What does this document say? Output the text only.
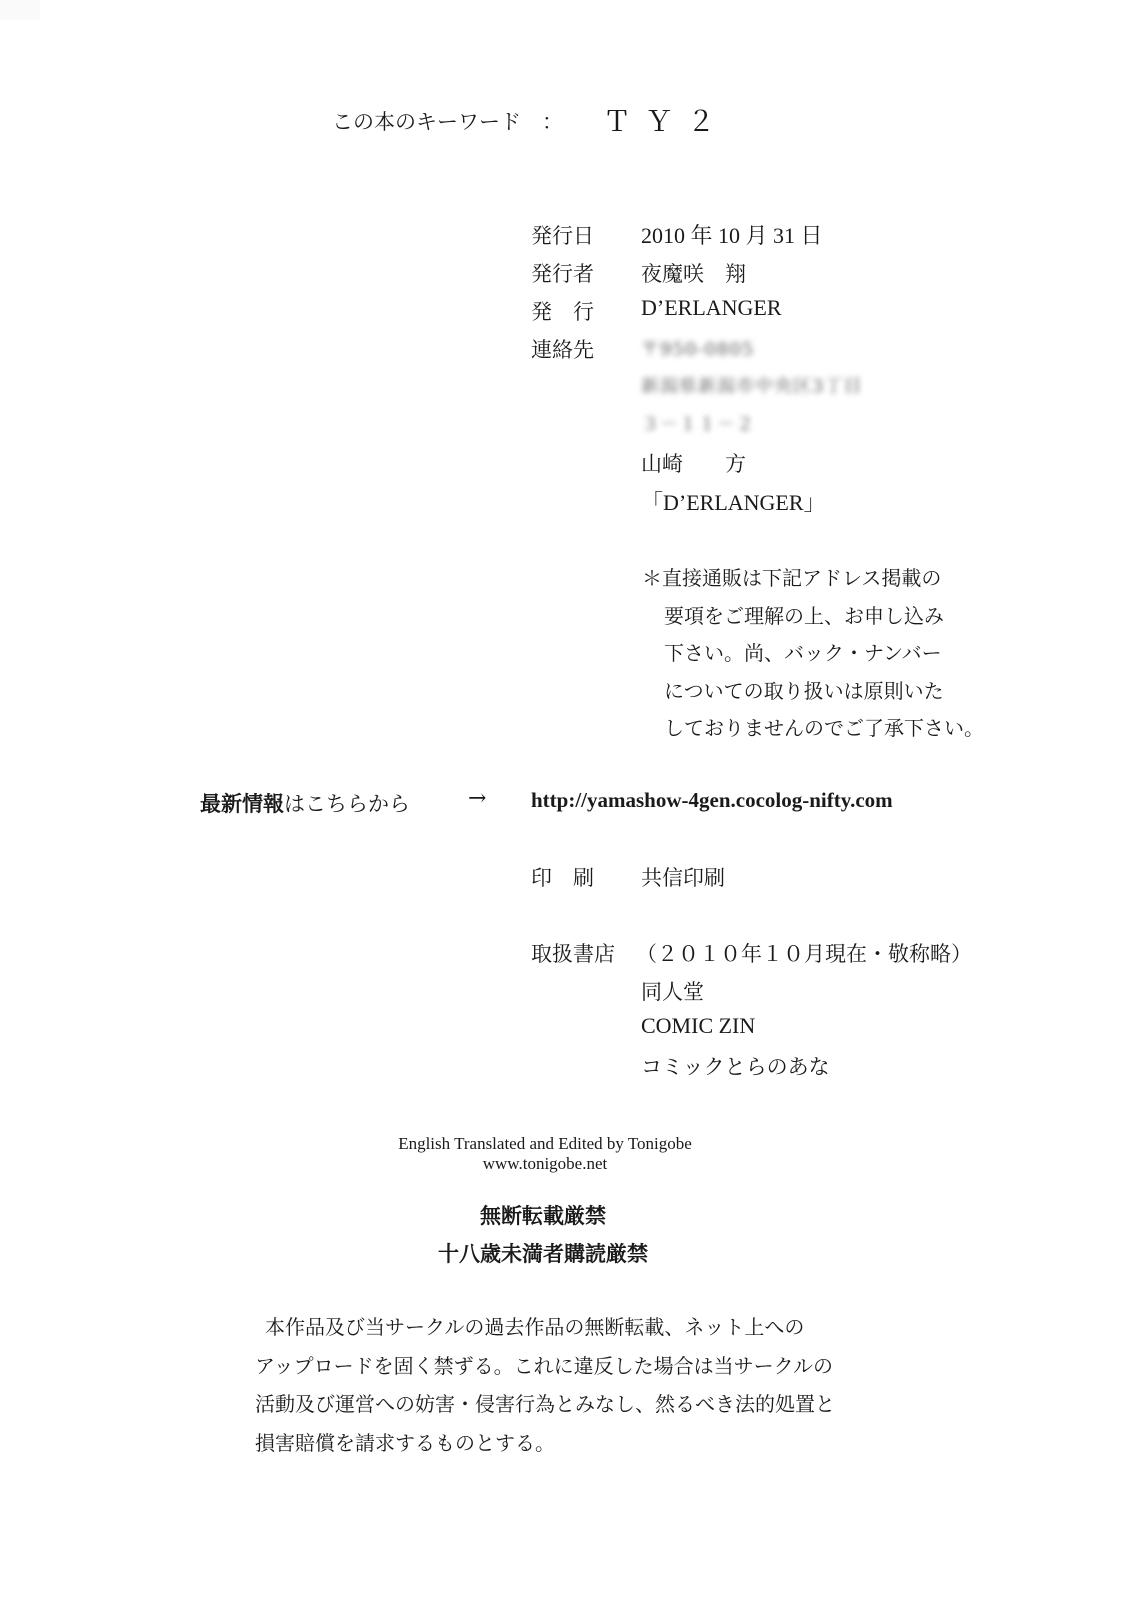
この本のキーワード　： ＴＹ２
発行日 2010 年 10 月 31 日
発行者 夜魔咲　翔
発　行 D’ERLANGER
連絡先	〒950-0805
新潟県新潟市中央区3丁目
３－１１－２
山崎　　方
「D’ERLANGER」
＊直接通販は下記アドレス掲載の
要項をご理解の上、お申し込み
下さい。尚、バック・ナンバー
についての取り扱いは原則いた
しておりませんのでご了承下さい。
最新情報はこちらから	→ http://yamashow-4gen.cocolog-nifty.com
印　刷 共信印刷
取扱書店 （２０１０年１０月現在・敬称略）
同人堂
COMIC ZIN
コミックとらのあな
English Translated and Edited by Tonigobe
www.tonigobe.net
無断転載厳禁
十八歳未満者購読厳禁
本作品及び当サークルの過去作品の無断転載、ネット上への
アップロードを固く禁ずる。これに違反した場合は当サークルの
活動及び運営への妨害・侵害行為とみなし、然るべき法的処置と
損害賠償を請求するものとする。
